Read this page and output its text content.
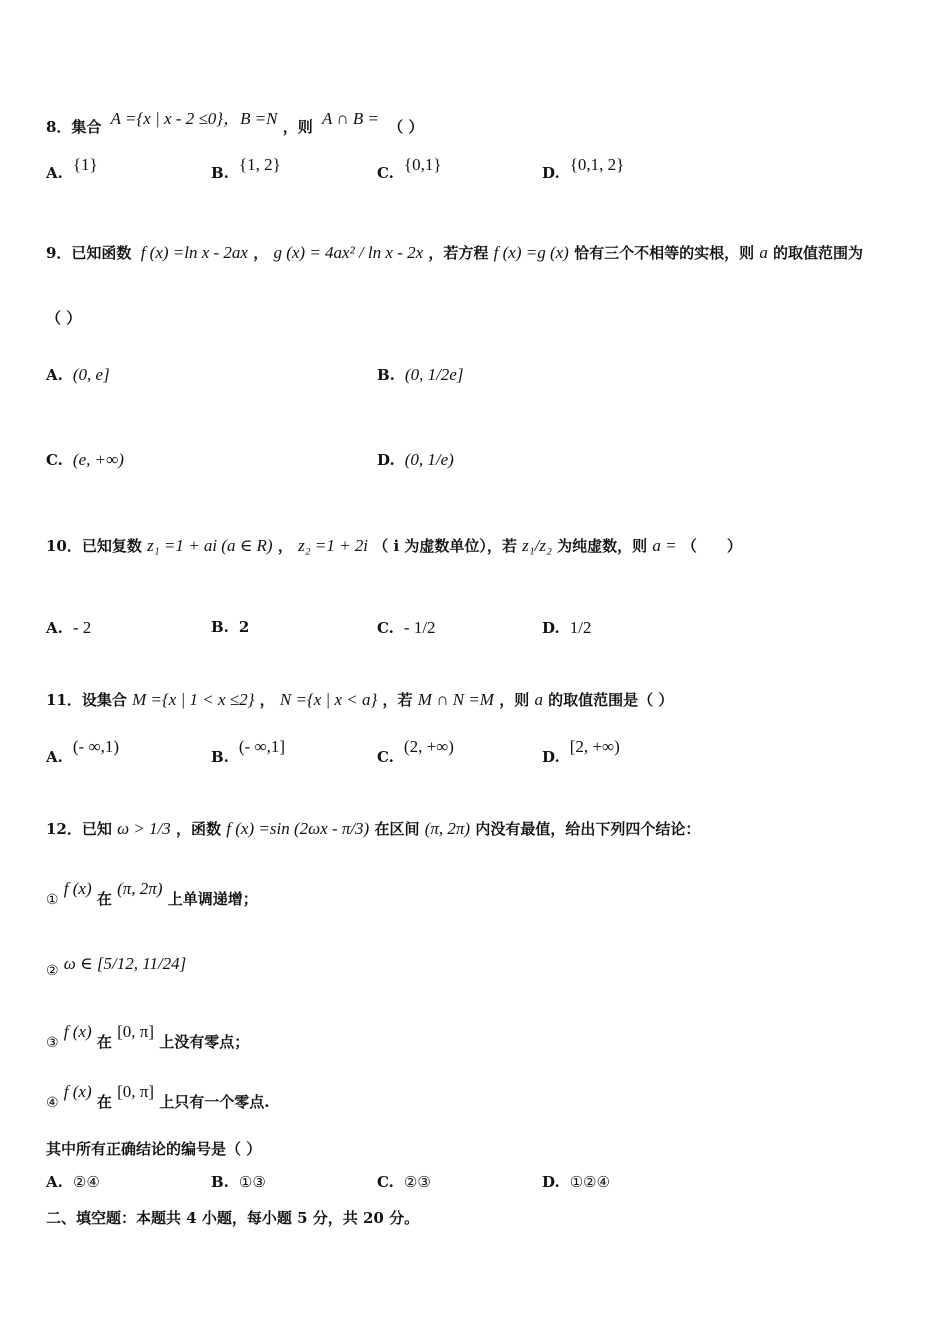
8．集合 A ={x | x - 2 ≤0}，B =N ，则 A ∩ B = （ ）
A. {1}	B. {1, 2}	C. {0,1}	D. {0,1, 2}
9．已知函数 f (x) =ln x - 2ax ， g (x) = 4ax² / ln x - 2x ，若方程 f (x) =g (x) 恰有三个不相等的实根，则 a 的取值范围为
（ ）
A. (0, e]	B. (0, 1/2e]
C. (e, +∞)	D. (0, 1/e)
10．已知复数 z₁ =1 + ai (a ∈ R) ， z₂ =1 + 2i （ i 为虚数单位），若 z₁/z₂ 为纯虚数，则 a = （　　）
A. - 2	B. 2	C. - 1/2	D. 1/2
11．设集合 M ={x | 1 < x ≤2} ， N ={x | x < a} ，若 M ∩ N =M ，则 a 的取值范围是（ ）
A.(- ∞,1)
B.(- ∞,1]
C.(2, +∞)
D.[2, +∞)
12．已知 ω > 1/3 ，函数 f (x) =sin (2ωx - π/3) 在区间 (π, 2π) 内没有最值，给出下列四个结论：
① f (x) 在 (π, 2π) 上单调递增；
② ω ∈ [5/12, 11/24]
③ f (x) 在 [0, π] 上没有零点；
④ f (x) 在 [0, π] 上只有一个零点.
其中所有正确结论的编号是（ ）
A. ②④	B. ①③	C. ②③	D. ①②④
二、填空题：本题共 4 小题，每小题 5 分，共 20 分。
